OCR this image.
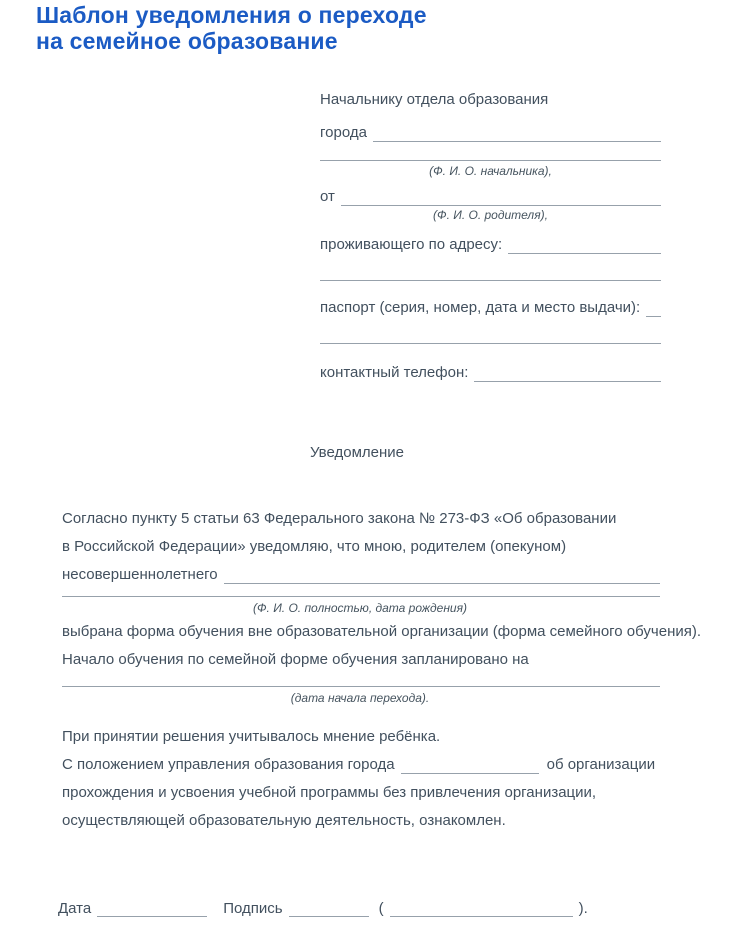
Шаблон уведомления о переходе
на семейное образование
Начальнику отдела образования
города
(Ф. И. О. начальника),
от
(Ф. И. О. родителя),
проживающего по адресу:
паспорт (серия, номер, дата и место выдачи):
контактный телефон:
Уведомление
Согласно пункту 5 статьи 63 Федерального закона № 273-ФЗ «Об образовании
в Российской Федерации» уведомляю, что мною, родителем (опекуном)
несовершеннолетнего
(Ф. И. О. полностью, дата рождения)
выбрана форма обучения вне образовательной организации (форма семейного обучения).
Начало обучения по семейной форме обучения запланировано на
(дата начала перехода).
При принятии решения учитывалось мнение ребёнка.
С положением управления образования города	об организации
прохождения и усвоения учебной программы без привлечения организации,
осуществляющей образовательную деятельность, ознакомлен.
Дата	Подпись	(	).
